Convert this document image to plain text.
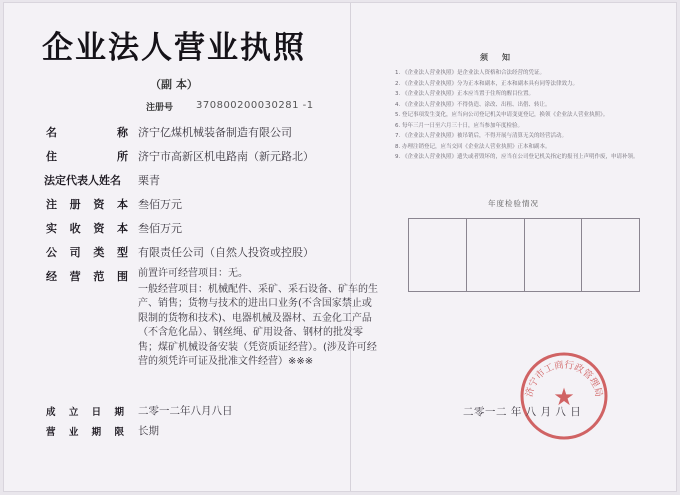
企业法人营业执照
（副 本）
注册号 370800200030281 -1
名	称 济宁亿煤机械装备制造有限公司
住	所 济宁市高新区机电路南（新元路北）
法定代表人姓名	栗青
注 册 资 本 叁佰万元
实 收 资 本 叁佰万元
公 司 类 型 有限责任公司（自然人投资或控股）
经 营 范 围 前置许可经营项目：无。
一般经营项目：机械配件、采矿、采石设备、矿车的生产、销售；货物与技术的进出口业务(不含国家禁止或限制的货物和技术)、电器机械及器材、五金化工产品（不含危化品）、钢丝绳、矿用设备、钢材的批发零售；煤矿机械设备安装（凭资质证经营）。(涉及许可经营的须凭许可证及批准文件经营）※※※
成 立 日 期 二零一二年八月八日
营 业 期 限 长期
须知
1. 《企业法人营业执照》是企业法人资格和合法经营的凭证。
2. 《企业法人营业执照》分为正本和副本，正本和副本具有同等法律效力。
3. 《企业法人营业执照》正本应当置于住所的醒目位置。
4. 《企业法人营业执照》不得伪造、涂改、出租、出借、转让。
5. 登记事项发生变化，应当向公司登记机关申请变更登记，换领《企业法人营业执照》。
6. 每年三月一日至六月三十日，应当参加年度检验。
7. 《企业法人营业执照》被吊销后，不得开展与清算无关的经营活动。
8. 办理注销登记，应当交回《企业法人营业执照》正本和副本。
9. 《企业法人营业执照》遗失或者毁坏的，应当在公司登记机关指定的报刊上声明作废，申请补领。
年度检验情况
济宁市工商行政管理局
★
二零一二 年 八 月 八 日
